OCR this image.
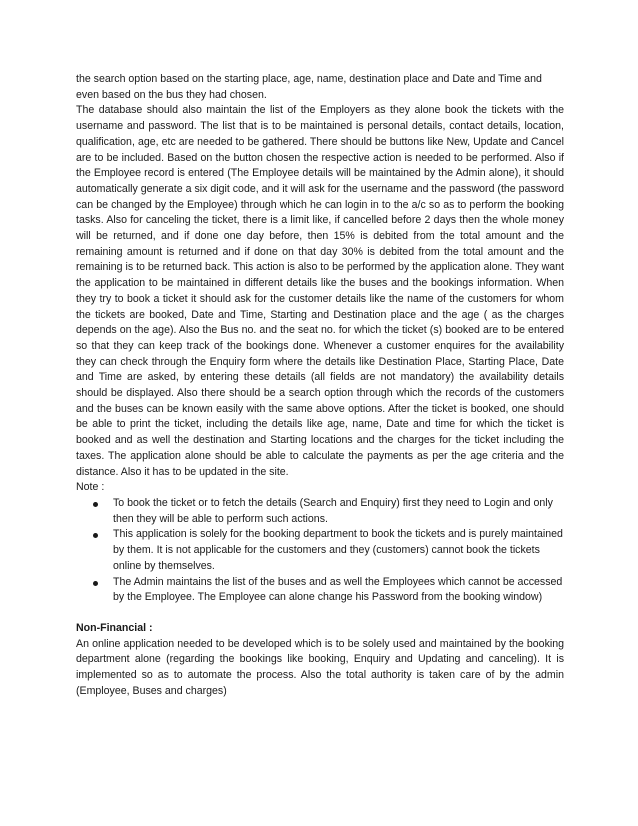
the search option based on the starting place, age, name, destination place and Date and Time and even based on the bus they had chosen.

The database should also maintain the list of the Employers as they alone book the tickets with the username and password. The list that is to be maintained is personal details, contact details, location, qualification, age, etc are needed to be gathered. There should be buttons like New, Update and Cancel are to be included. Based on the button chosen the respective action is needed to be performed. Also if the Employee record is entered (The Employee details will be maintained by the Admin alone), it should automatically generate a six digit code, and it will ask for the username and the password (the password can be changed by the Employee) through which he can login in to the a/c so as to perform the booking tasks. Also for canceling the ticket, there is a limit like, if cancelled before 2 days then the whole money will be returned, and if done one day before, then 15% is debited from the total amount and the remaining amount is returned and if done on that day 30% is debited from the total amount and the remaining is to be returned back. This action is also to be performed by the application alone. They want the application to be maintained in different details like the buses and the bookings information. When they try to book a ticket it should ask for the customer details like the name of the customers for whom the tickets are booked, Date and Time, Starting and Destination place and the age ( as the charges depends on the age). Also the Bus no. and the seat no. for which the ticket (s) booked are to be entered so that they can keep track of the bookings done. Whenever a customer enquires for the availability they can check through the Enquiry form where the details like Destination Place, Starting Place, Date and Time are asked, by entering these details (all fields are not mandatory) the availability details should be displayed. Also there should be a search option through which the records of the customers and the buses can be known easily with the same above options. After the ticket is booked, one should be able to print the ticket, including the details like age, name, Date and time for which the ticket is booked and as well the destination and Starting locations and the charges for the ticket including the taxes. The application alone should be able to calculate the payments as per the age criteria and the distance. Also it has to be updated in the site.

Note :

To book the ticket or to fetch the details (Search and Enquiry) first they need to Login and only then they will be able to perform such actions.
This application is solely for the booking department to book the tickets and is purely maintained by them. It is not applicable for the customers and they (customers) cannot book the tickets online by themselves.
The Admin maintains the list of the buses and as well the Employees which cannot be accessed by the Employee. The Employee can alone change his Password from the booking window)

Non-Financial :

An online application needed to be developed which is to be solely used and maintained by the booking department alone (regarding the bookings like booking, Enquiry and Updating and canceling). It is implemented so as to automate the process. Also the total authority is taken care of by the admin (Employee, Buses and charges)
